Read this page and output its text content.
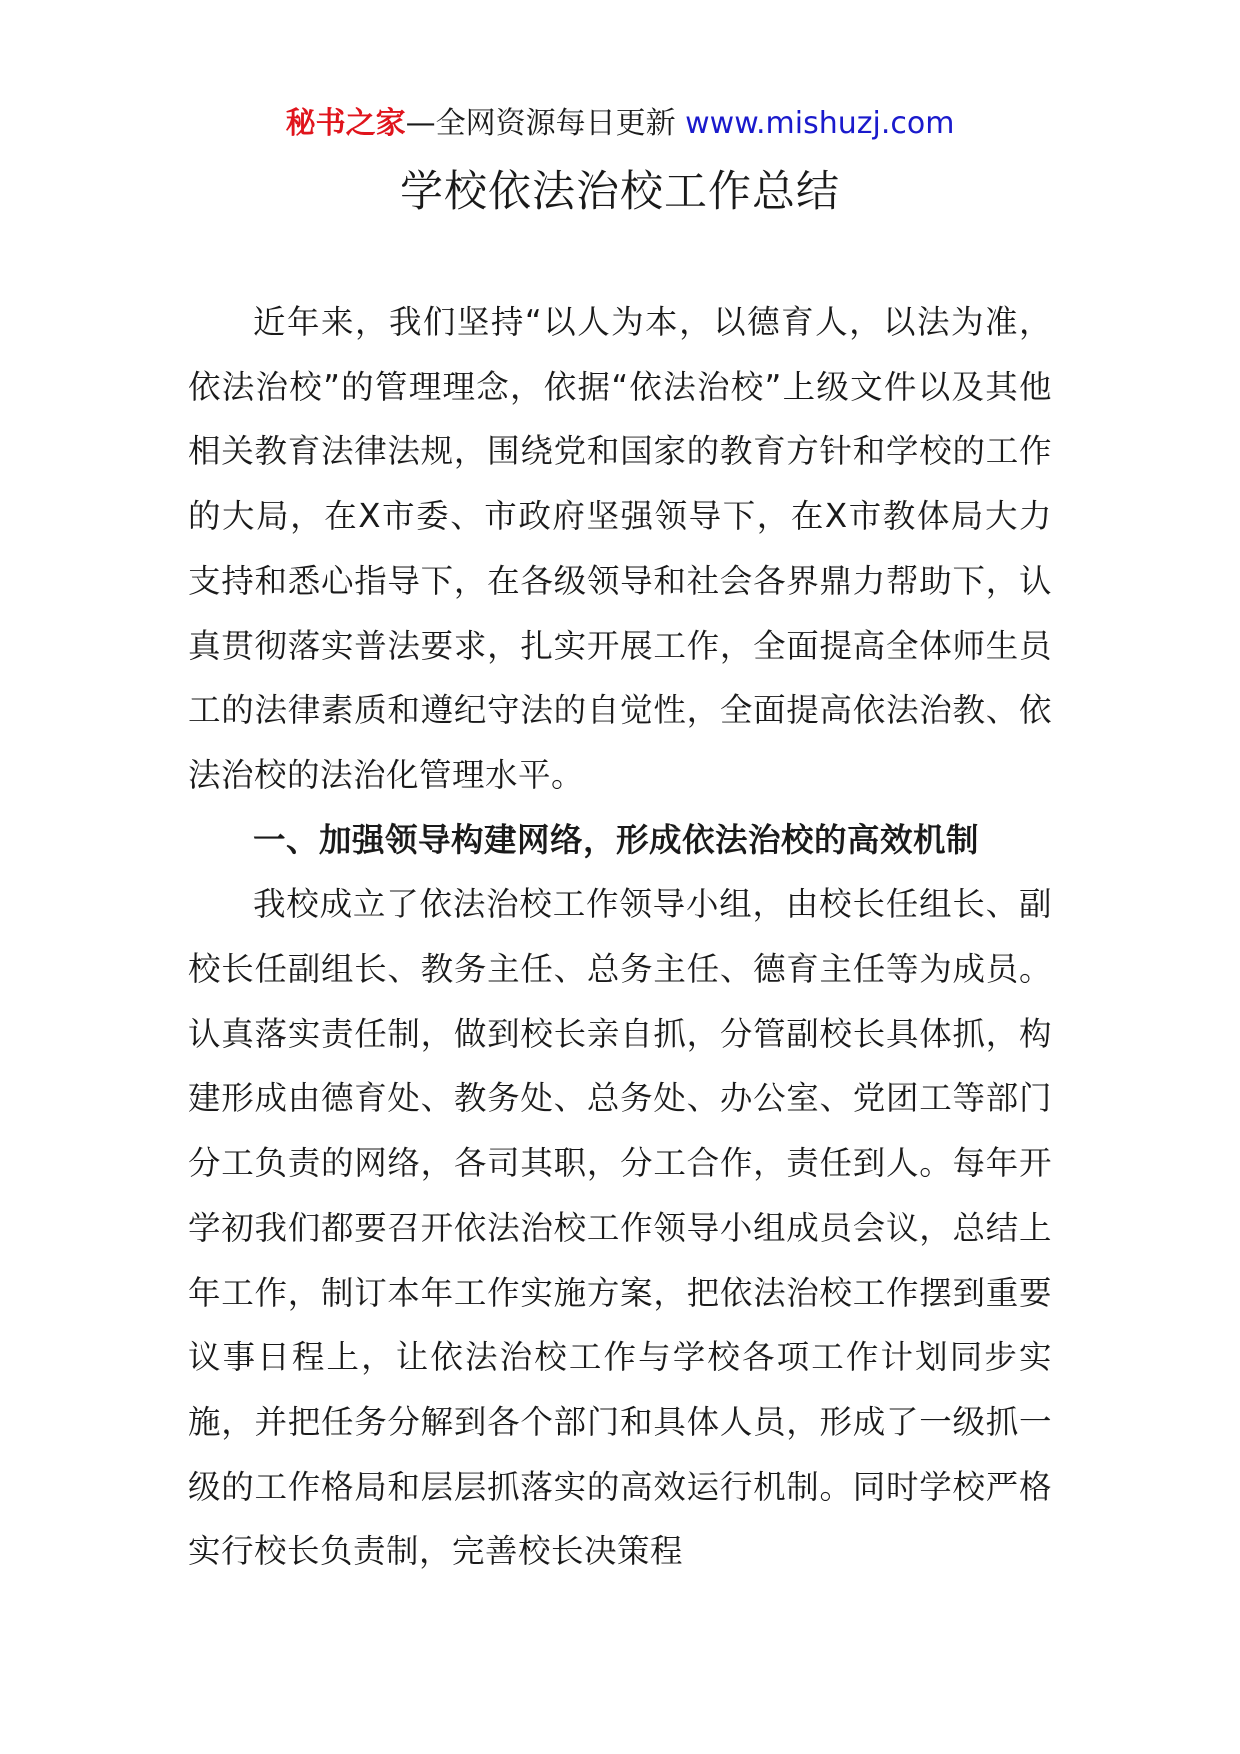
秘书之家—全网资源每日更新 www.mishuzj.com
学校依法治校工作总结

近年来，我们坚持“以人为本，以德育人，以法为准，依法治校”的管理理念，依据“依法治校”上级文件以及其他相关教育法律法规，围绕党和国家的教育方针和学校的工作的大局，在X市委、市政府坚强领导下，在X市教体局大力支持和悉心指导下，在各级领导和社会各界鼎力帮助下，认真贯彻落实普法要求，扎实开展工作，全面提高全体师生员工的法律素质和遵纪守法的自觉性，全面提高依法治教、依法治校的法治化管理水平。

一、加强领导构建网络，形成依法治校的高效机制

我校成立了依法治校工作领导小组，由校长任组长、副校长任副组长、教务主任、总务主任、德育主任等为成员。认真落实责任制，做到校长亲自抓，分管副校长具体抓，构建形成由德育处、教务处、总务处、办公室、党团工等部门分工负责的网络，各司其职，分工合作，责任到人。每年开学初我们都要召开依法治校工作领导小组成员会议，总结上年工作，制订本年工作实施方案，把依法治校工作摆到重要议事日程上，让依法治校工作与学校各项工作计划同步实施，并把任务分解到各个部门和具体人员，形成了一级抓一级的工作格局和层层抓落实的高效运行机制。同时学校严格实行校长负责制，完善校长决策程
